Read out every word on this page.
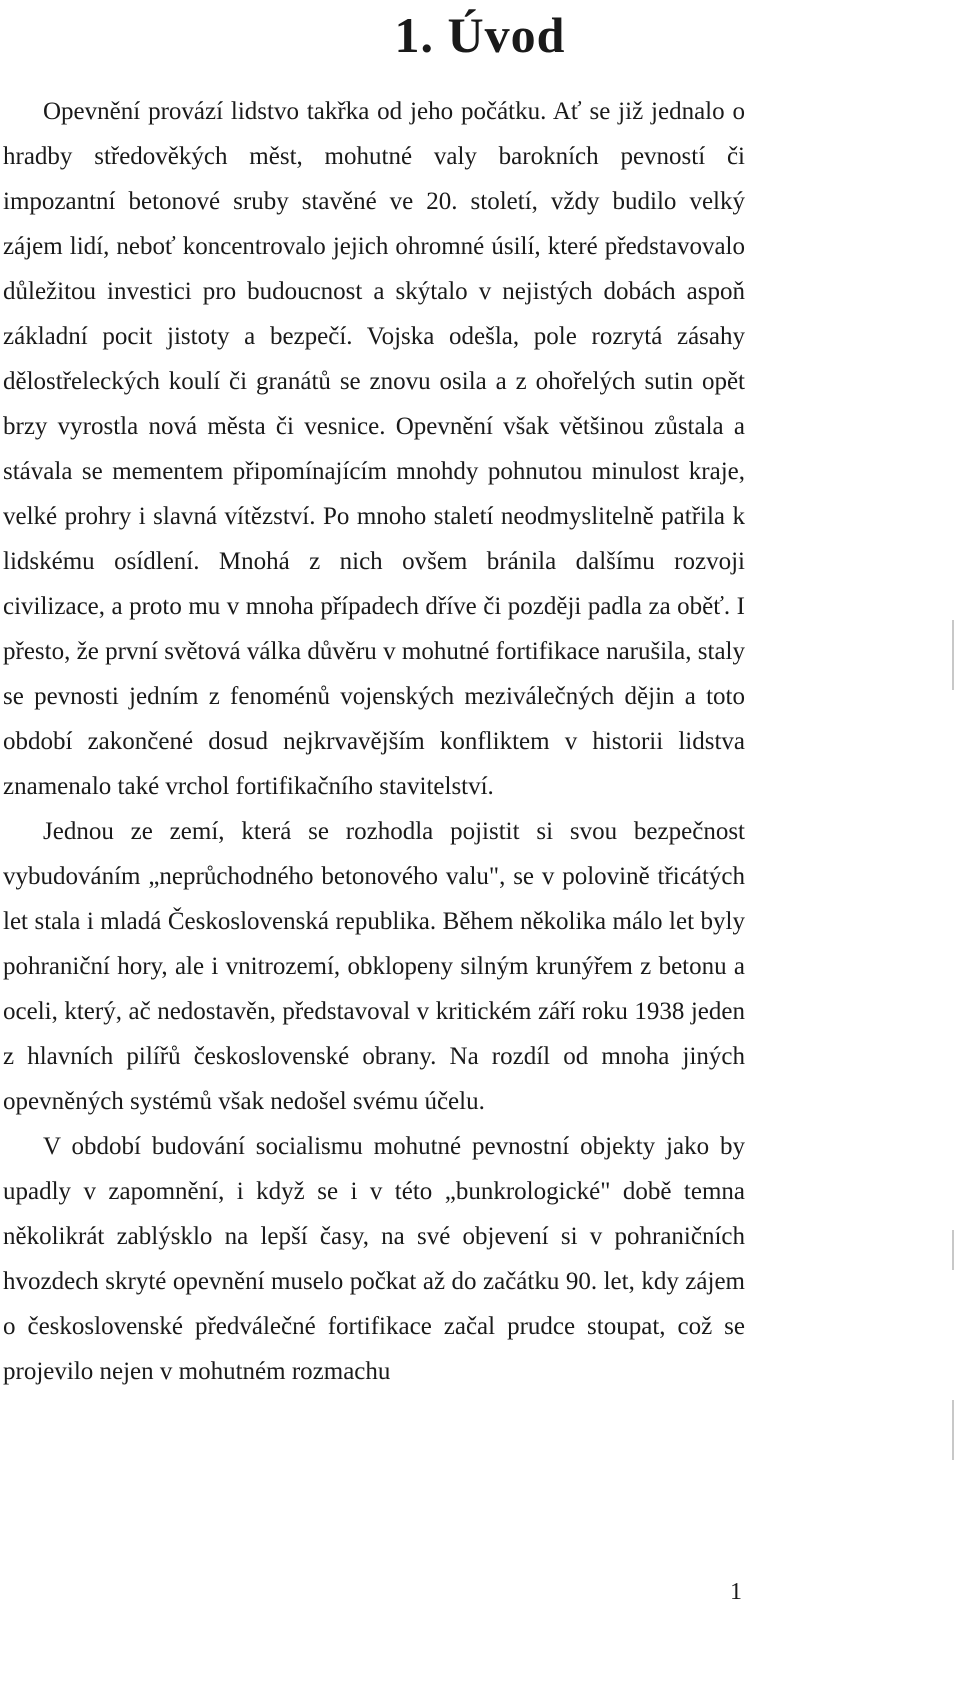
1. Úvod

Opevnění provází lidstvo takřka od jeho počátku. Ať se již jednalo o hradby středověkých měst, mohutné valy barokních pevností či impozantní betonové sruby stavěné ve 20. století, vždy budilo velký zájem lidí, neboť koncentrovalo jejich ohromné úsilí, které představovalo důležitou investici pro budoucnost a skýtalo v nejistých dobách aspoň základní pocit jistoty a bezpečí. Vojska odešla, pole rozrytá zásahy dělostřeleckých koulí či granátů se znovu osila a z ohořelých sutin opět brzy vyrostla nová města či vesnice. Opevnění však většinou zůstala a stávala se mementem připomínajícím mnohdy pohnutou minulost kraje, velké prohry i slavná vítězství. Po mnoho staletí neodmyslitelně patřila k lidskému osídlení. Mnohá z nich ovšem bránila dalšímu rozvoji civilizace, a proto mu v mnoha případech dříve či později padla za oběť. I přesto, že první světová válka důvěru v mohutné fortifikace narušila, staly se pevnosti jedním z fenoménů vojenských meziválečných dějin a toto období zakončené dosud nejkrvavějším konfliktem v historii lidstva znamenalo také vrchol fortifikačního stavitelství.

Jednou ze zemí, která se rozhodla pojistit si svou bezpečnost vybudováním „neprůchodného betonového valu", se v polovině třicátých let stala i mladá Československá republika. Během několika málo let byly pohraniční hory, ale i vnitrozemí, obklopeny silným krunýřem z betonu a oceli, který, ač nedostavěn, představoval v kritickém září roku 1938 jeden z hlavních pilířů československé obrany. Na rozdíl od mnoha jiných opevněných systémů však nedošel svému účelu.

V období budování socialismu mohutné pevnostní objekty jako by upadly v zapomnění, i když se i v této „bunkrologické" době temna několikrát zablýsklo na lepší časy, na své objevení si v pohraničních hvozdech skryté opevnění muselo počkat až do začátku 90. let, kdy zájem o československé předválečné fortifikace začal prudce stoupat, což se projevilo nejen v mohutném rozmachu

1
